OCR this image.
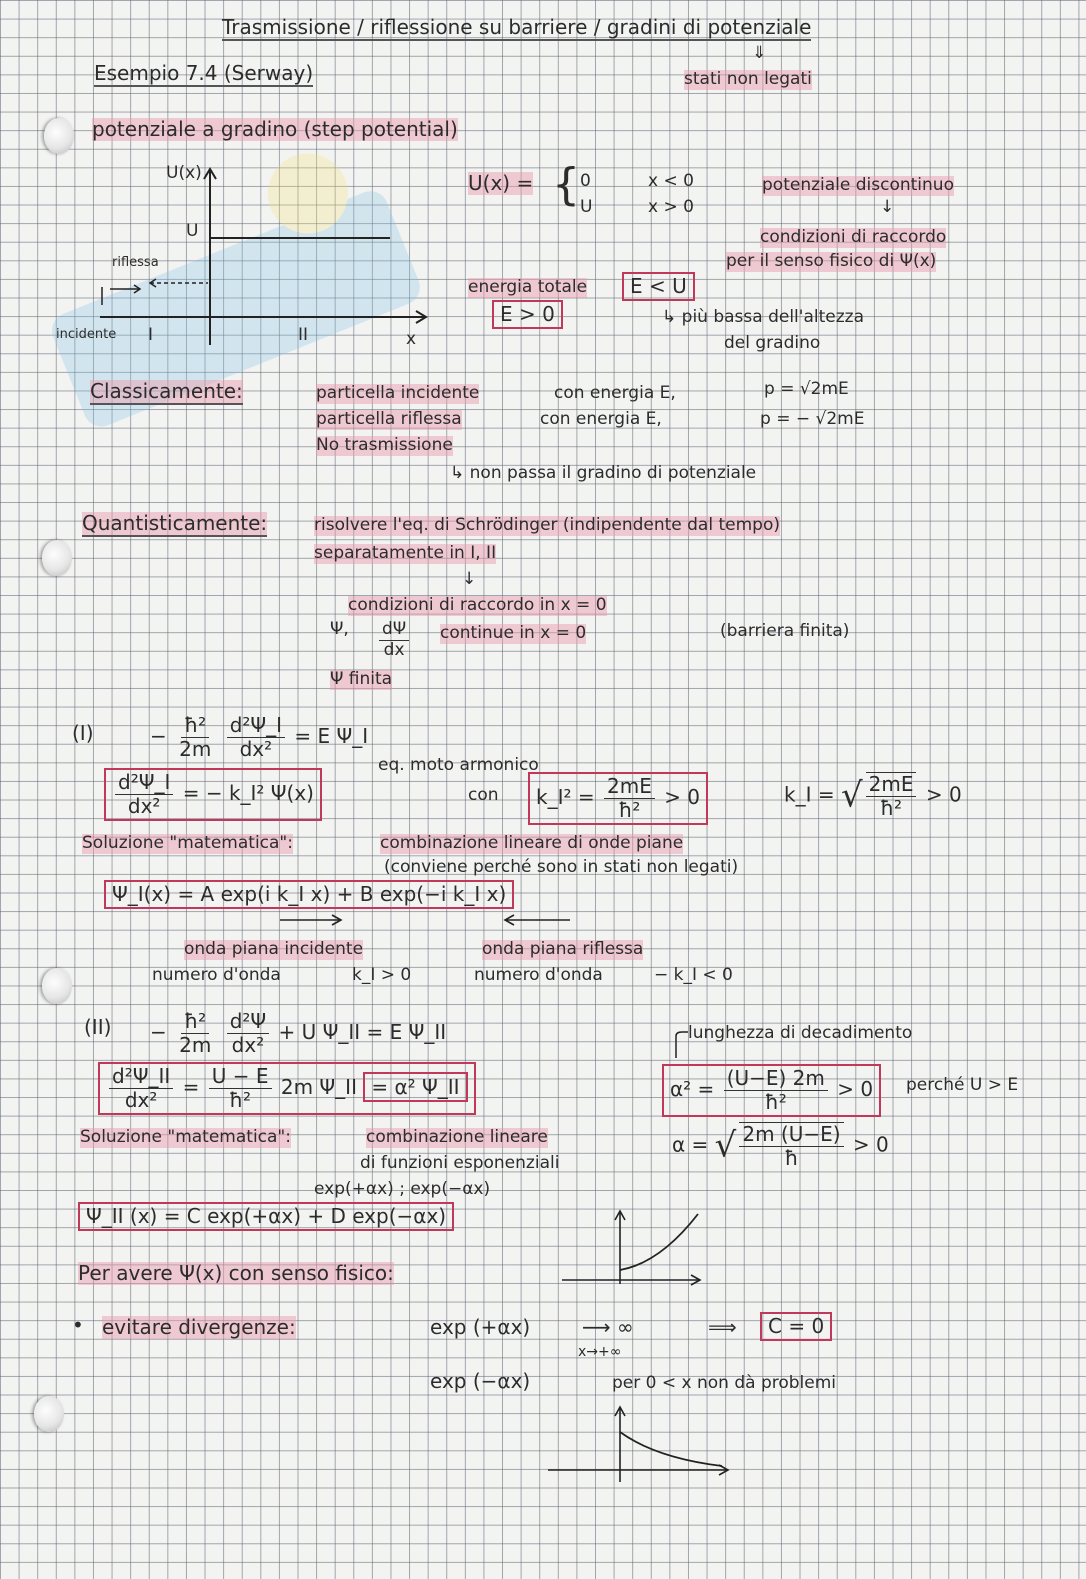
Trasmissione / riflessione su barriere / gradini di potenziale
⇓
stati non legati
Esempio 7.4 (Serway)
potenziale a gradino (step potential)
U(x)
U
riflessa
incidente I	II	x
U(x) = { 0	x < 0
U	x > 0
potenziale discontinuo
↓
condizioni di raccordo
per il senso fisico di Ψ(x)
energia totale	E < U
E > 0	↳ più bassa dell'altezza
del gradino
Classicamente:	particella incidente	con energia E,	p = √2mE
particella riflessa	con energia E,	p = − √2mE
No trasmissione
↳ non passa il gradino di potenziale
Quantisticamente:	risolvere l'eq. di Schrödinger (indipendente dal tempo)
separatamente in I, II
↓
condizioni di raccordo in x = 0
Ψ, $\frac{d\Psi}{dx}$ continue in x = 0	(barriera finita)
Ψ finita
(I)	− $\frac{\text{ħ²}}{2m}$
$\frac{\text{d²Ψ\_I}}{\text{dx²}} = E$ Ψ_I
$\frac{\text{d²Ψ\_I}}{\text{dx²}}$ = − k_I² Ψ(x)
eq. moto armonico
con	k_I² = $\frac{2mE}{\text{ħ²}} > 0$	k_I = √ $\frac{2mE}{\text{ħ²}} > 0$
Soluzione "matematica":	combinazione lineare di onde piane
(conviene perché sono in stati non legati)
Ψ_I(x) = A exp(i k_I x) + B exp(−i k_I x)
onda piana incidente
numero d'onda	k_I > 0
onda piana riflessa
numero d'onda	− k_I < 0
$(II) - \frac{\text{ħ²}}{2m}$
$\frac{\text{d²Ψ}}{\text{dx²}} + U$ Ψ_II = E Ψ_II	lunghezza di decadimento
$\frac{\text{d²Ψ\_II}}{\text{dx²}} = \frac{U - E}{\text{ħ²}} 2m$ Ψ_II = α² Ψ_II	$\alpha^2 = \frac{(U-E) 2m}{\text{ħ²}} > 0$	perché U > E
α = √ $\frac{2m (U-E)}{ħ} > 0$
Soluzione "matematica":	combinazione lineare
di funzioni esponenziali
exp(+αx) ; exp(−αx)
Ψ_II (x) = C exp(+αx) + D exp(−αx)
Per avere Ψ(x) con senso fisico:
• evitare divergenze:	exp (+αx)	⟶ ∞
x→+∞
⟹	C = 0
exp (−αx)	per 0 < x non dà problemi
